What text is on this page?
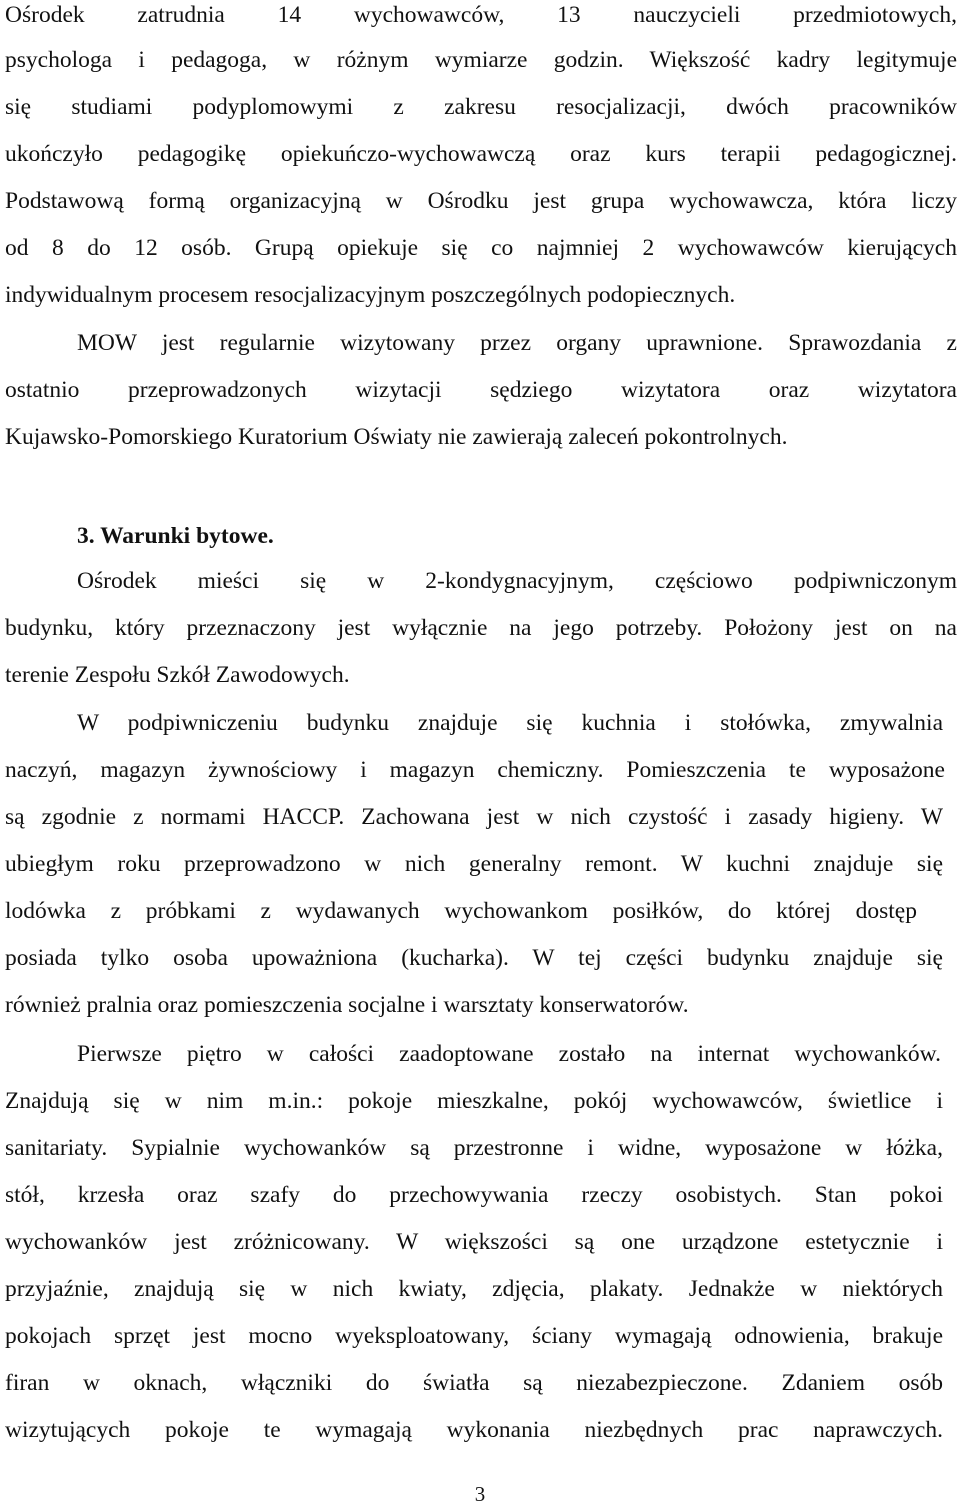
Ośrodek zatrudnia 14 wychowawców, 13 nauczycieli przedmiotowych,
psychologa i pedagoga, w różnym wymiarze godzin. Większość kadry legitymuje
się studiami podyplomowymi z zakresu resocjalizacji, dwóch pracowników
ukończyło pedagogikę opiekuńczo-wychowawczą oraz kurs terapii pedagogicznej.
Podstawową formą organizacyjną w Ośrodku jest grupa wychowawcza, która liczy
od 8 do 12 osób. Grupą opiekuje się co najmniej 2 wychowawców kierujących
indywidualnym procesem resocjalizacyjnym poszczególnych podopiecznych.
MOW jest regularnie wizytowany przez organy uprawnione. Sprawozdania z
ostatnio przeprowadzonych wizytacji sędziego wizytatora oraz wizytatora
Kujawsko-Pomorskiego Kuratorium Oświaty nie zawierają zaleceń pokontrolnych.
3. Warunki bytowe.
Ośrodek mieści się w 2-kondygnacyjnym, częściowo podpiwniczonym
budynku, który przeznaczony jest wyłącznie na jego potrzeby. Położony jest on na
terenie Zespołu Szkół Zawodowych.
W podpiwniczeniu budynku znajduje się kuchnia i stołówka, zmywalnia
naczyń, magazyn żywnościowy i magazyn chemiczny. Pomieszczenia te wyposażone
są zgodnie z normami HACCP. Zachowana jest w nich czystość i zasady higieny. W
ubiegłym roku przeprowadzono w nich generalny remont. W kuchni znajduje się
lodówka z próbkami z wydawanych wychowankom posiłków, do której dostęp
posiada tylko osoba upoważniona (kucharka). W tej części budynku znajduje się
również pralnia oraz pomieszczenia socjalne i warsztaty konserwatorów.
Pierwsze piętro w całości zaadoptowane zostało na internat wychowanków.
Znajdują się w nim m.in.: pokoje mieszkalne, pokój wychowawców, świetlice i
sanitariaty. Sypialnie wychowanków są przestronne i widne, wyposażone w łóżka,
stół, krzesła oraz szafy do przechowywania rzeczy osobistych. Stan pokoi
wychowanków jest zróżnicowany. W większości są one urządzone estetycznie i
przyjaźnie, znajdują się w nich kwiaty, zdjęcia, plakaty. Jednakże w niektórych
pokojach sprzęt jest mocno wyeksploatowany, ściany wymagają odnowienia, brakuje
firan w oknach, włączniki do światła są niezabezpieczone. Zdaniem osób
wizytujących pokoje te wymagają wykonania niezbędnych prac naprawczych.
3
